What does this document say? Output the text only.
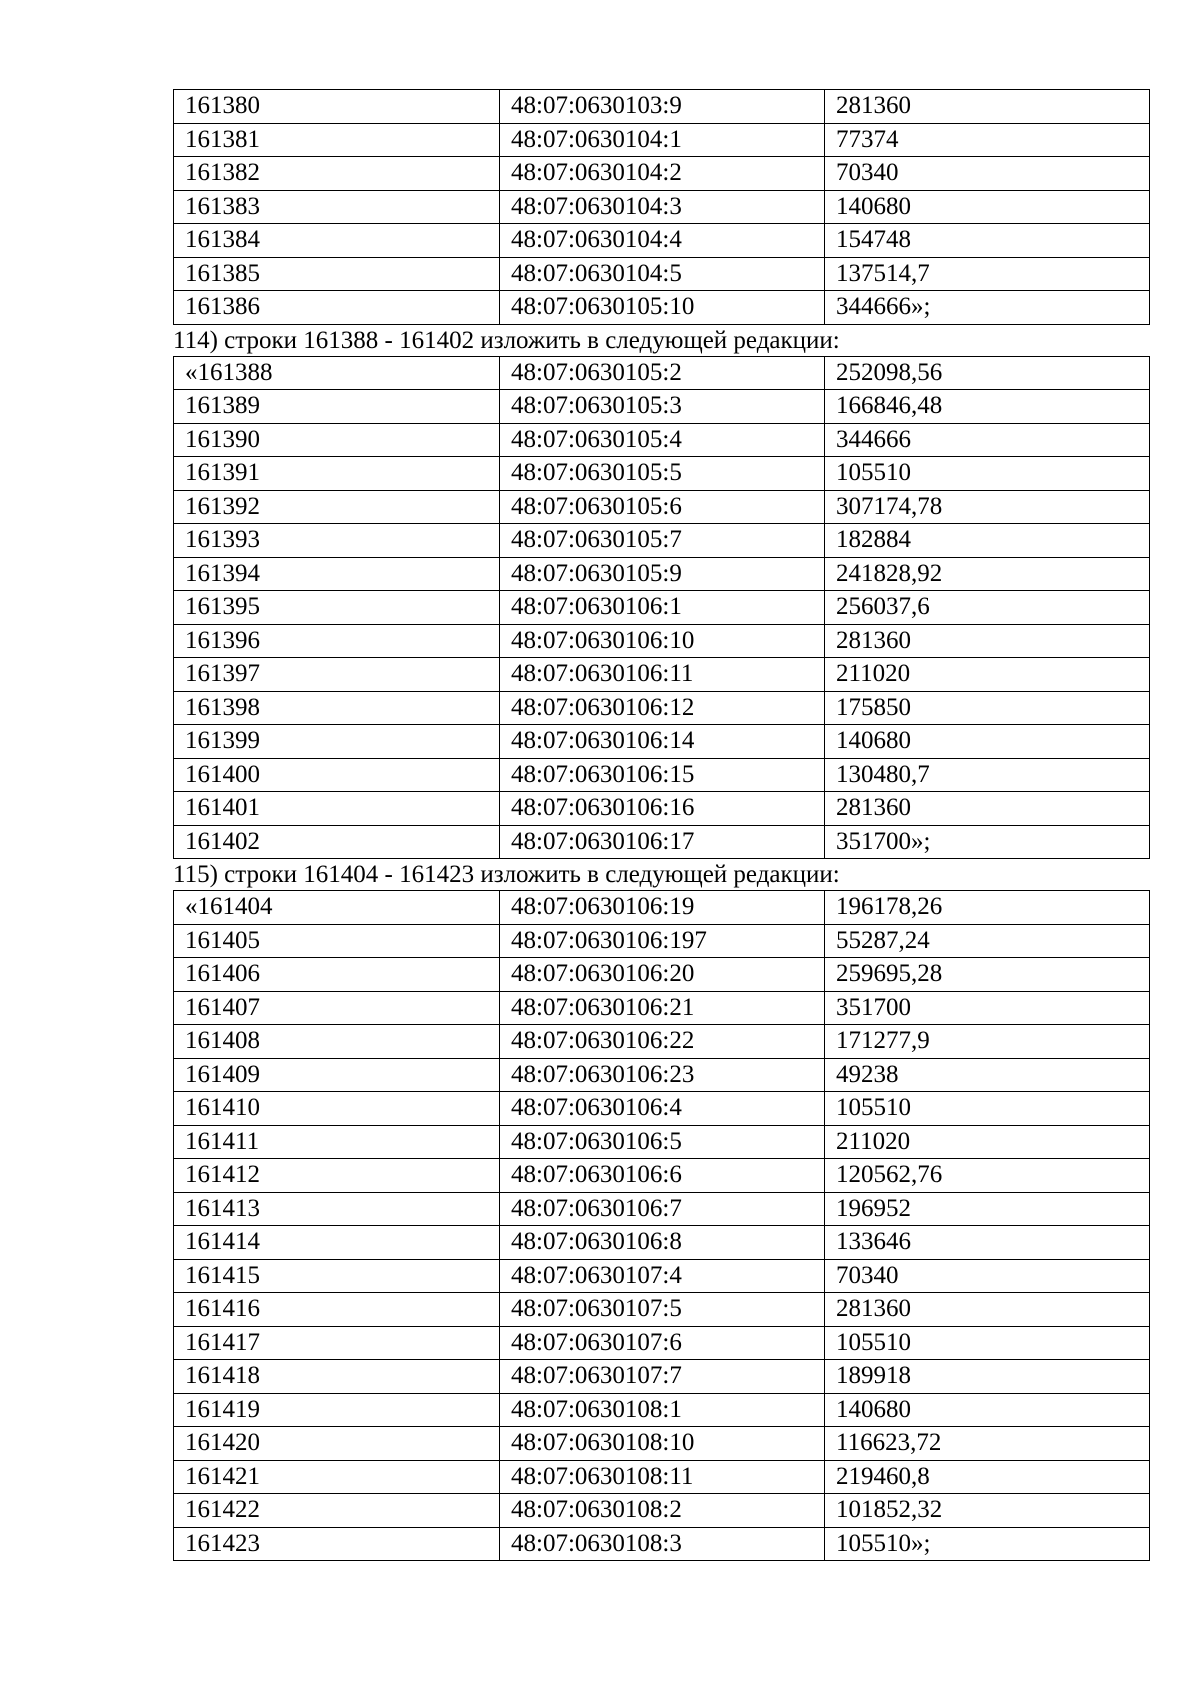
161380	48:07:0630103:9	281360
161381	48:07:0630104:1	77374
161382	48:07:0630104:2	70340
161383	48:07:0630104:3	140680
161384	48:07:0630104:4	154748
161385	48:07:0630104:5	137514,7
161386	48:07:0630105:10	344666»;
114) строки 161388 - 161402 изложить в следующей редакции:
«161388	48:07:0630105:2	252098,56
161389	48:07:0630105:3	166846,48
161390	48:07:0630105:4	344666
161391	48:07:0630105:5	105510
161392	48:07:0630105:6	307174,78
161393	48:07:0630105:7	182884
161394	48:07:0630105:9	241828,92
161395	48:07:0630106:1	256037,6
161396	48:07:0630106:10	281360
161397	48:07:0630106:11	211020
161398	48:07:0630106:12	175850
161399	48:07:0630106:14	140680
161400	48:07:0630106:15	130480,7
161401	48:07:0630106:16	281360
161402	48:07:0630106:17	351700»;
115) строки 161404 - 161423 изложить в следующей редакции:
«161404	48:07:0630106:19	196178,26
161405	48:07:0630106:197	55287,24
161406	48:07:0630106:20	259695,28
161407	48:07:0630106:21	351700
161408	48:07:0630106:22	171277,9
161409	48:07:0630106:23	49238
161410	48:07:0630106:4	105510
161411	48:07:0630106:5	211020
161412	48:07:0630106:6	120562,76
161413	48:07:0630106:7	196952
161414	48:07:0630106:8	133646
161415	48:07:0630107:4	70340
161416	48:07:0630107:5	281360
161417	48:07:0630107:6	105510
161418	48:07:0630107:7	189918
161419	48:07:0630108:1	140680
161420	48:07:0630108:10	116623,72
161421	48:07:0630108:11	219460,8
161422	48:07:0630108:2	101852,32
161423	48:07:0630108:3	105510»;
